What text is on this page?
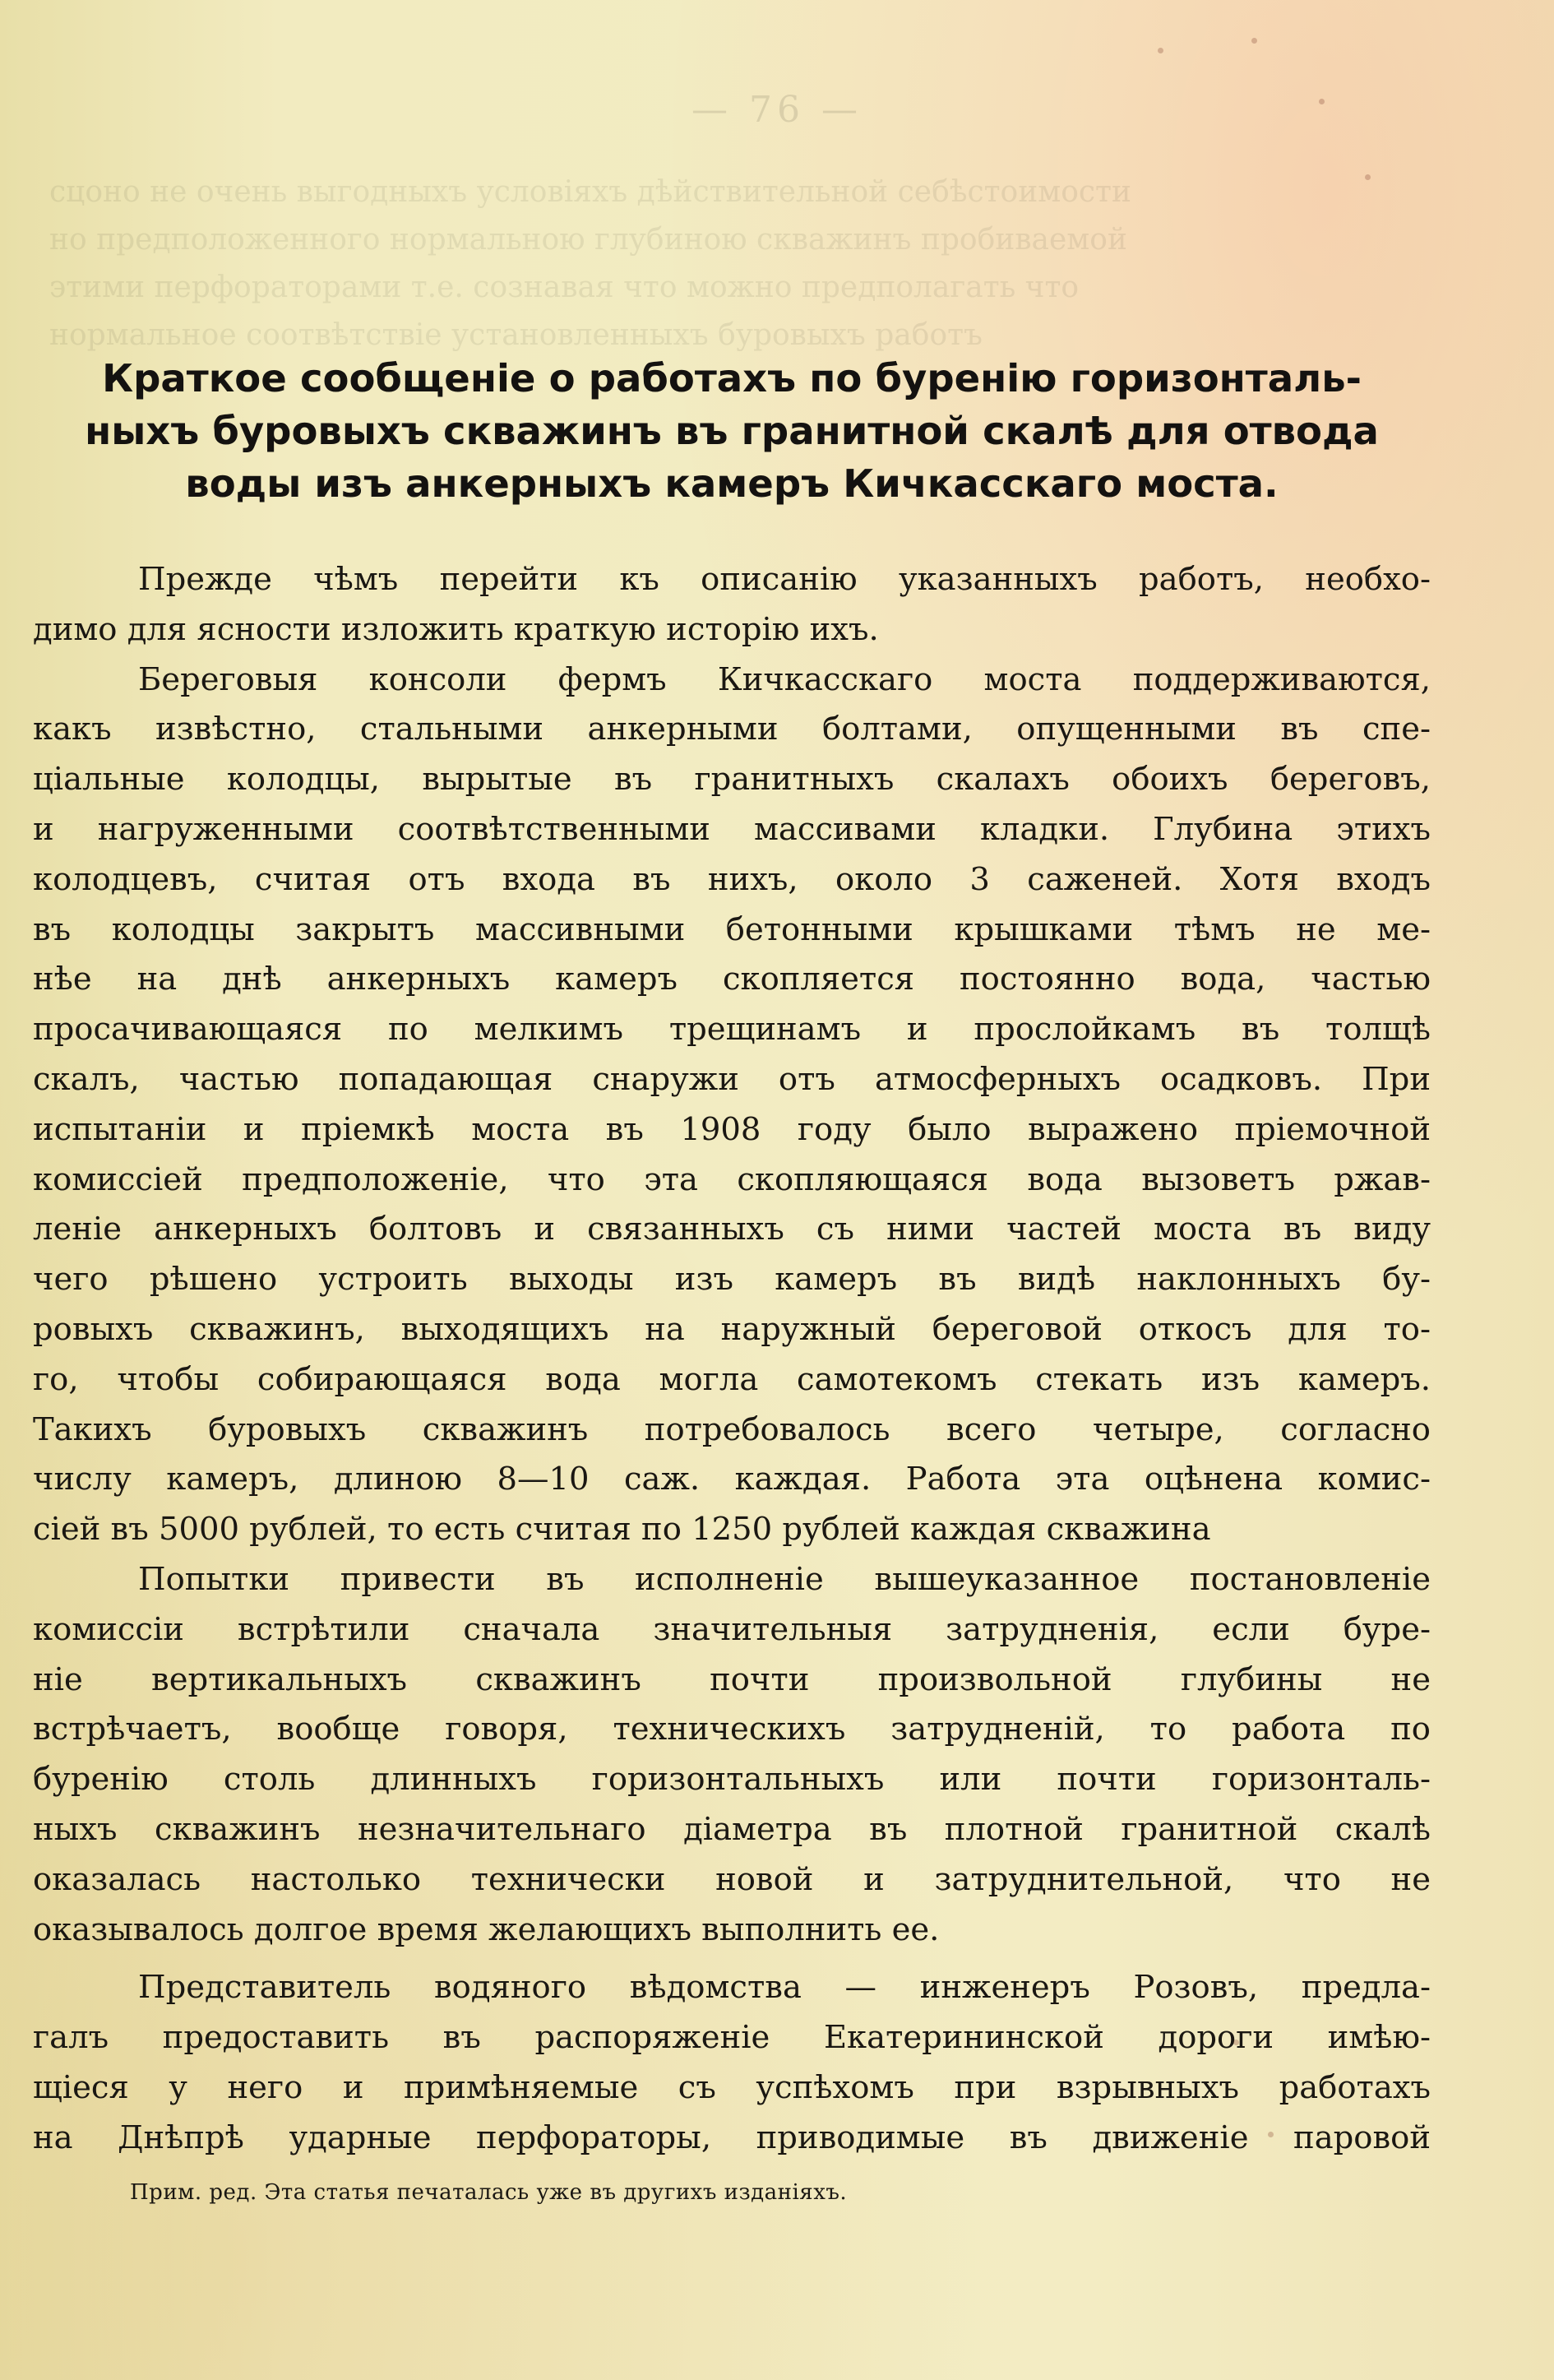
— 76 —
сцоно не очень выгодныхъ условіяхъ дѣйствительной себѣстоимости
но предположенного нормальною глубиною скважинъ пробиваемой
этими перфораторами т.е. сознавая что можно предполагать что
нормальное соотвѣтствіе установленныхъ буровыхъ работъ
Краткое сообщеніе о работахъ по буренію горизонталь-
ныхъ буровыхъ скважинъ въ гранитной скалѣ для отвода
воды изъ анкерныхъ камеръ Кичкасскаго моста.
Прежде чѣмъ перейти къ описанію указанныхъ работъ, необхо-
димо для ясности изложить краткую исторію ихъ.
Береговыя консоли фермъ Кичкасскаго моста поддерживаются,
какъ извѣстно, стальными анкерными болтами, опущенными въ спе-
ціальные колодцы, вырытые въ гранитныхъ скалахъ обоихъ береговъ,
и нагруженными соотвѣтственными массивами кладки. Глубина этихъ
колодцевъ, считая отъ входа въ нихъ, около 3 саженей. Хотя входъ
въ колодцы закрытъ массивными бетонными крышками тѣмъ не ме-
нѣе на днѣ анкерныхъ камеръ скопляется постоянно вода, частью
просачивающаяся по мелкимъ трещинамъ и прослойкамъ въ толщѣ
скалъ, частью попадающая снаружи отъ атмосферныхъ осадковъ. При
испытаніи и пріемкѣ моста въ 1908 году было выражено пріемочной
комиссіей предположеніе, что эта скопляющаяся вода вызоветъ ржав-
леніе анкерныхъ болтовъ и связанныхъ съ ними частей моста въ виду
чего рѣшено устроить выходы изъ камеръ въ видѣ наклонныхъ бу-
ровыхъ скважинъ, выходящихъ на наружный береговой откосъ для то-
го, чтобы собирающаяся вода могла самотекомъ стекать изъ камеръ.
Такихъ буровыхъ скважинъ потребовалось всего четыре, согласно
числу камеръ, длиною 8—10 саж. каждая. Работа эта оцѣнена комис-
сіей въ 5000 рублей, то есть считая по 1250 рублей каждая скважина
Попытки привести въ исполненіе вышеуказанное постановленіе
комиссіи встрѣтили сначала значительныя затрудненія, если буре-
ніе вертикальныхъ скважинъ почти произвольной глубины не
встрѣчаетъ, вообще говоря, техническихъ затрудненій, то работа по
буренію столь длинныхъ горизонтальныхъ или почти горизонталь-
ныхъ скважинъ незначительнаго діаметра въ плотной гранитной скалѣ
оказалась настолько технически новой и затруднительной, что не
оказывалось долгое время желающихъ выполнить ее.
Представитель водяного вѣдомства — инженеръ Розовъ, предла-
галъ предоставить въ распоряженіе Екатерининской дороги имѣю-
щіеся у него и примѣняемые съ успѣхомъ при взрывныхъ работахъ
на Днѣпрѣ ударные перфораторы, приводимые въ движеніе паровой
Прим. ред. Эта статья печаталась уже въ другихъ изданіяхъ.
